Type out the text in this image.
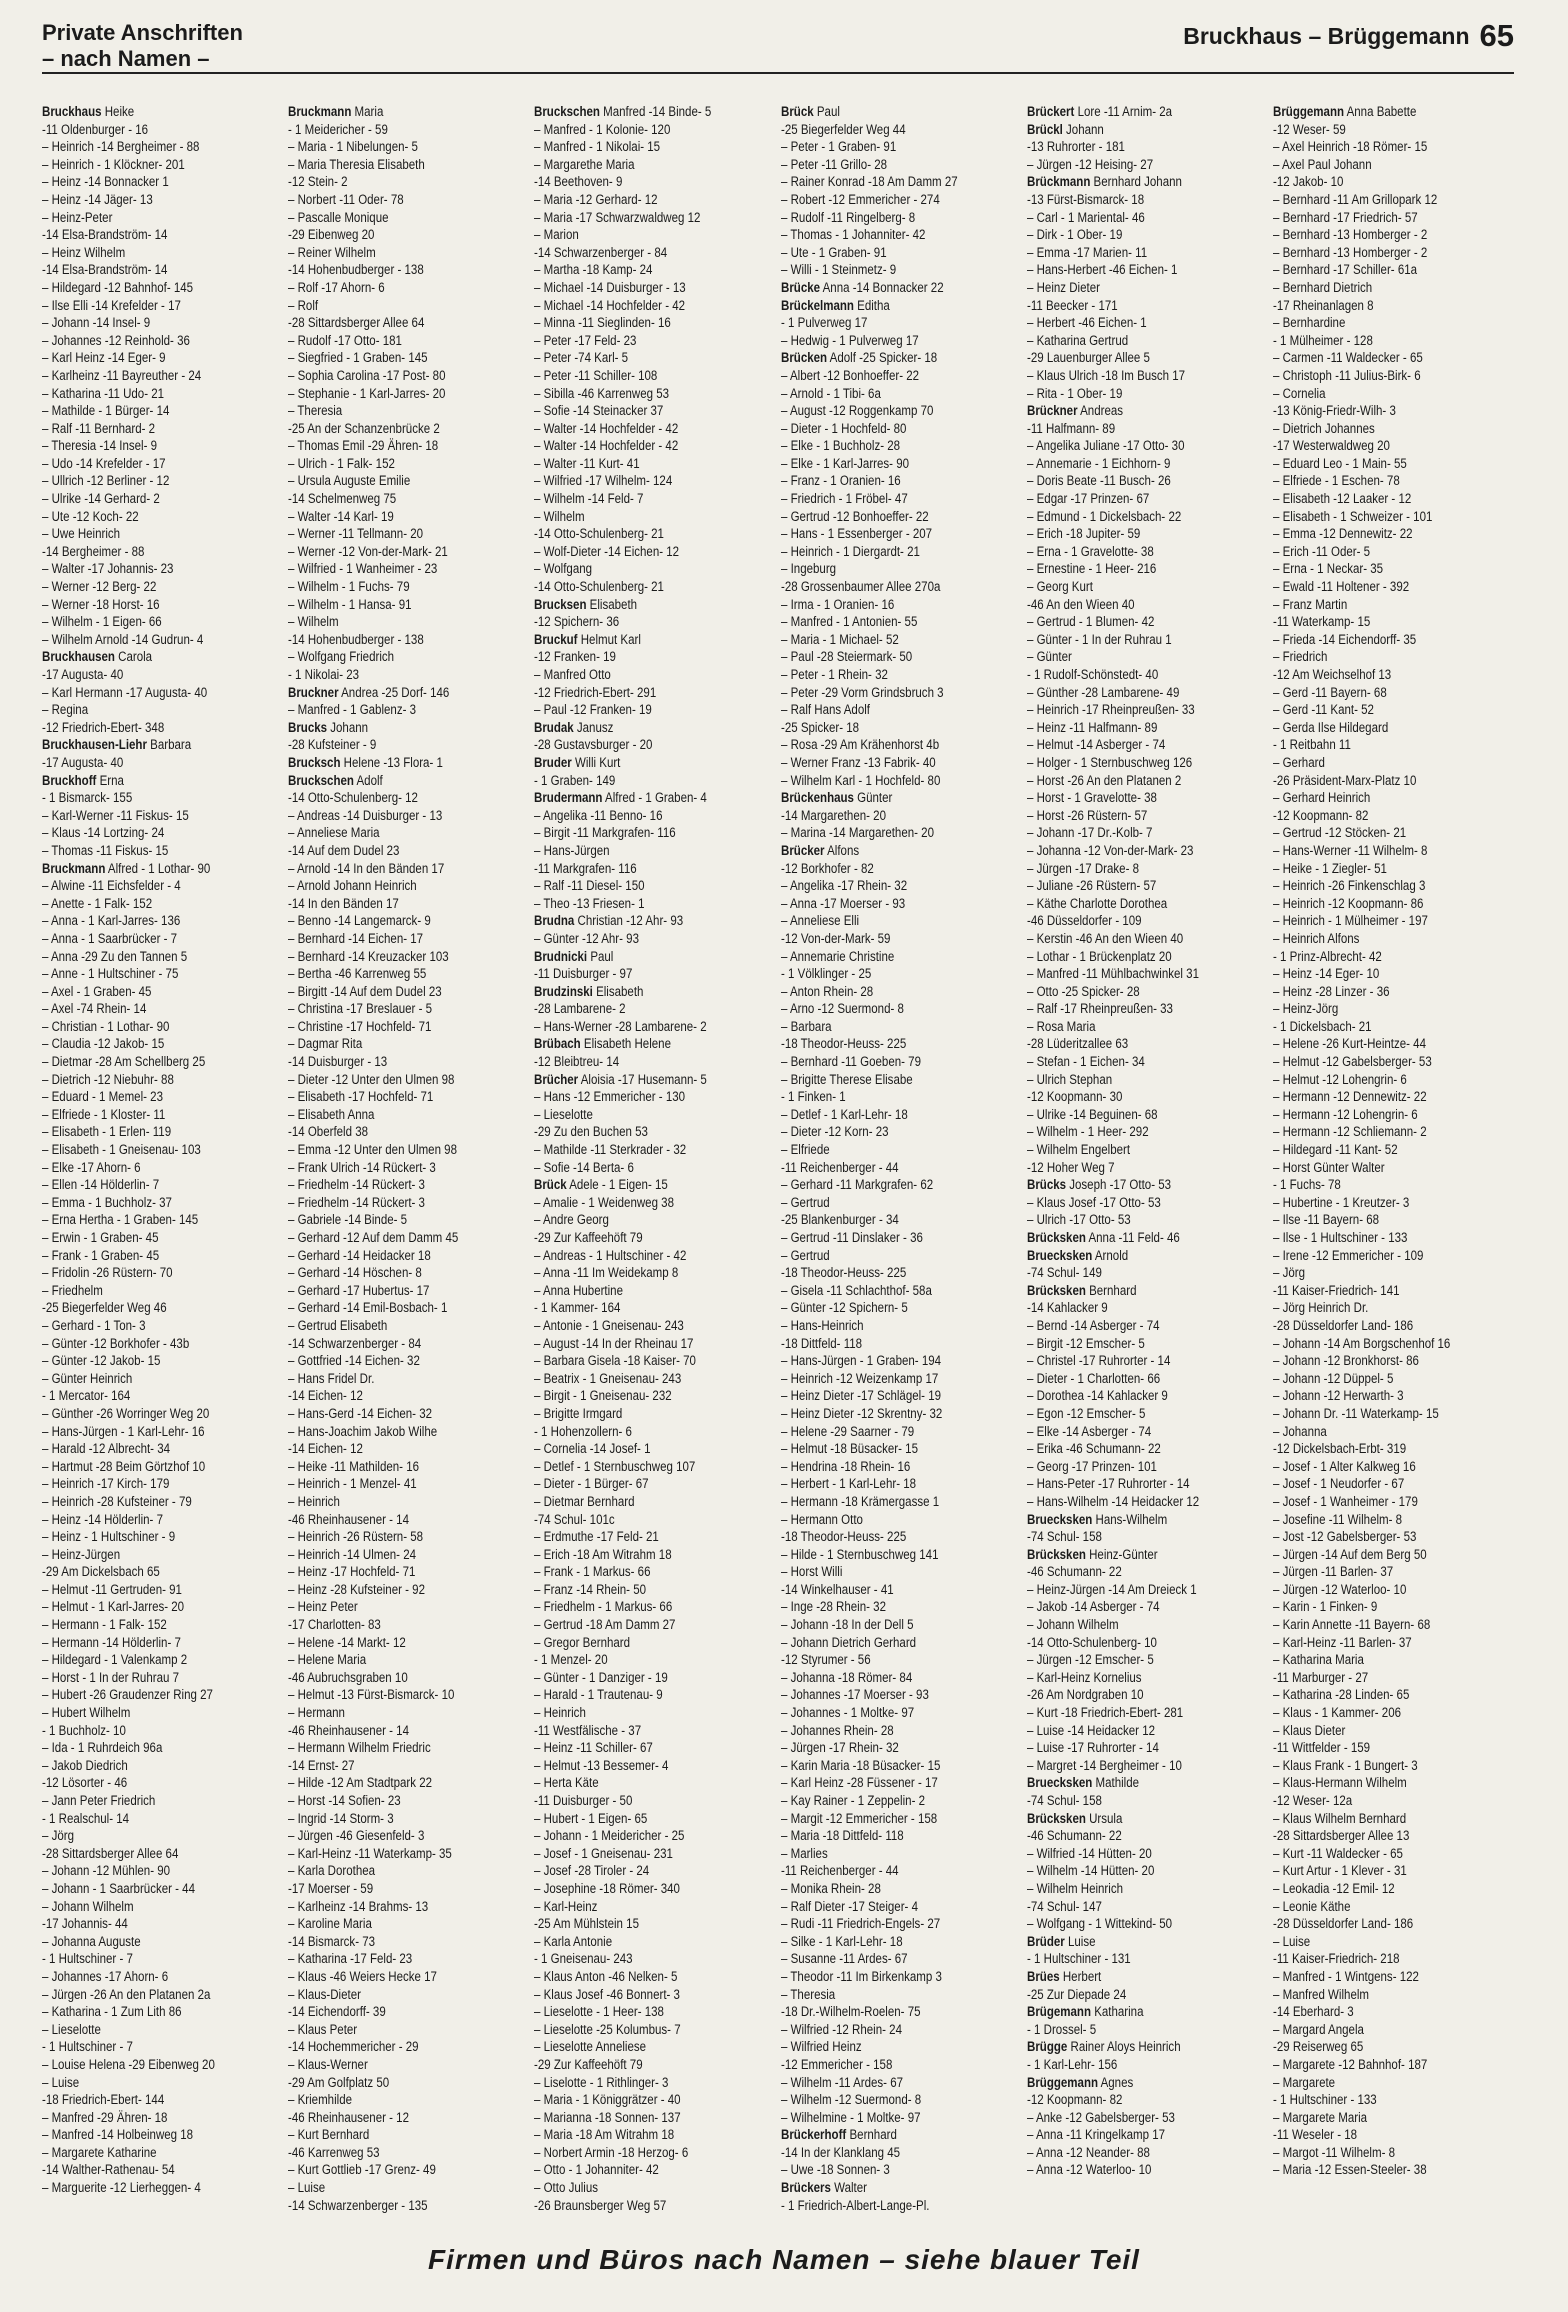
Private Anschriften
– nach Namen –
Bruckhaus – Brüggemann 65
Bruckhaus Heike
-11 Oldenburger - 16
– Heinrich -14 Bergheimer - 88
– Heinrich - 1 Klöckner- 201
– Heinz -14 Bonnacker 1
– Heinz -14 Jäger- 13
– Heinz-Peter
-14 Elsa-Brandström- 14
– Heinz Wilhelm
-14 Elsa-Brandström- 14
– Hildegard -12 Bahnhof- 145
– Ilse Elli -14 Krefelder - 17
– Johann -14 Insel- 9
– Johannes -12 Reinhold- 36
– Karl Heinz -14 Eger- 9
– Karlheinz -11 Bayreuther - 24
– Katharina -11 Udo- 21
– Mathilde - 1 Bürger- 14
– Ralf -11 Bernhard- 2
– Theresia -14 Insel- 9
– Udo -14 Krefelder - 17
– Ullrich -12 Berliner - 12
– Ulrike -14 Gerhard- 2
– Ute -12 Koch- 22
– Uwe Heinrich
-14 Bergheimer - 88
– Walter -17 Johannis- 23
– Werner -12 Berg- 22
– Werner -18 Horst- 16
– Wilhelm - 1 Eigen- 66
– Wilhelm Arnold -14 Gudrun- 4
Bruckhausen Carola
-17 Augusta- 40
– Karl Hermann -17 Augusta- 40
– Regina
-12 Friedrich-Ebert- 348
Bruckhausen-Liehr Barbara
-17 Augusta- 40
Bruckhoff Erna
- 1 Bismarck- 155
– Karl-Werner -11 Fiskus- 15
– Klaus -14 Lortzing- 24
– Thomas -11 Fiskus- 15
Bruckmann Alfred - 1 Lothar- 90
– Alwine -11 Eichsfelder - 4
– Anette - 1 Falk- 152
– Anna - 1 Karl-Jarres- 136
– Anna - 1 Saarbrücker - 7
– Anna -29 Zu den Tannen 5
– Anne - 1 Hultschiner - 75
– Axel - 1 Graben- 45
– Axel -74 Rhein- 14
– Christian - 1 Lothar- 90
– Claudia -12 Jakob- 15
– Dietmar -28 Am Schellberg 25
– Dietrich -12 Niebuhr- 88
– Eduard - 1 Memel- 23
– Elfriede - 1 Kloster- 11
– Elisabeth - 1 Erlen- 119
– Elisabeth - 1 Gneisenau- 103
– Elke -17 Ahorn- 6
– Ellen -14 Hölderlin- 7
– Emma - 1 Buchholz- 37
– Erna Hertha - 1 Graben- 145
– Erwin - 1 Graben- 45
– Frank - 1 Graben- 45
– Fridolin -26 Rüstern- 70
– Friedhelm
-25 Biegerfelder Weg 46
– Gerhard - 1 Ton- 3
– Günter -12 Borkhofer - 43b
– Günter -12 Jakob- 15
– Günter Heinrich
- 1 Mercator- 164
– Günther -26 Worringer Weg 20
– Hans-Jürgen - 1 Karl-Lehr- 16
– Harald -12 Albrecht- 34
– Hartmut -28 Beim Görtzhof 10
– Heinrich -17 Kirch- 179
– Heinrich -28 Kufsteiner - 79
– Heinz -14 Hölderlin- 7
– Heinz - 1 Hultschiner - 9
– Heinz-Jürgen
-29 Am Dickelsbach 65
– Helmut -11 Gertruden- 91
– Helmut - 1 Karl-Jarres- 20
– Hermann - 1 Falk- 152
– Hermann -14 Hölderlin- 7
– Hildegard - 1 Valenkamp 2
– Horst - 1 In der Ruhrau 7
– Hubert -26 Graudenzer Ring 27
– Hubert Wilhelm
- 1 Buchholz- 10
– Ida - 1 Ruhrdeich 96a
– Jakob Diedrich
-12 Lösorter - 46
– Jann Peter Friedrich
- 1 Realschul- 14
– Jörg
-28 Sittardsberger Allee 64
– Johann -12 Mühlen- 90
– Johann - 1 Saarbrücker - 44
– Johann Wilhelm
-17 Johannis- 44
– Johanna Auguste
- 1 Hultschiner - 7
– Johannes -17 Ahorn- 6
– Jürgen -26 An den Platanen 2a
– Katharina - 1 Zum Lith 86
– Lieselotte
- 1 Hultschiner - 7
– Louise Helena -29 Eibenweg 20
– Luise
-18 Friedrich-Ebert- 144
– Manfred -29 Ähren- 18
– Manfred -14 Holbeinweg 18
– Margarete Katharine
-14 Walther-Rathenau- 54
– Marguerite -12 Lierheggen- 4
Bruckmann Maria
- 1 Meidericher - 59
– Maria - 1 Nibelungen- 5
– Maria Theresia Elisabeth
-12 Stein- 2
– Norbert -11 Oder- 78
– Pascalle Monique
-29 Eibenweg 20
– Reiner Wilhelm
-14 Hohenbudberger - 138
– Rolf -17 Ahorn- 6
– Rolf
-28 Sittardsberger Allee 64
– Rudolf -17 Otto- 181
– Siegfried - 1 Graben- 145
– Sophia Carolina -17 Post- 80
– Stephanie - 1 Karl-Jarres- 20
– Theresia
-25 An der Schanzenbrücke 2
– Thomas Emil -29 Ähren- 18
– Ulrich - 1 Falk- 152
– Ursula Auguste Emilie
-14 Schelmenweg 75
– Walter -14 Karl- 19
– Werner -11 Tellmann- 20
– Werner -12 Von-der-Mark- 21
– Wilfried - 1 Wanheimer - 23
– Wilhelm - 1 Fuchs- 79
– Wilhelm - 1 Hansa- 91
– Wilhelm
-14 Hohenbudberger - 138
– Wolfgang Friedrich
- 1 Nikolai- 23
Bruckner Andrea -25 Dorf- 146
– Manfred - 1 Gablenz- 3
Brucks Johann
-28 Kufsteiner - 9
Brucksch Helene -13 Flora- 1
Bruckschen Adolf
-14 Otto-Schulenberg- 12
– Andreas -14 Duisburger - 13
– Anneliese Maria
-14 Auf dem Dudel 23
– Arnold -14 In den Bänden 17
– Arnold Johann Heinrich
-14 In den Bänden 17
– Benno -14 Langemarck- 9
– Bernhard -14 Eichen- 17
– Bernhard -14 Kreuzacker 103
– Bertha -46 Karrenweg 55
– Birgitt -14 Auf dem Dudel 23
– Christina -17 Breslauer - 5
– Christine -17 Hochfeld- 71
– Dagmar Rita
-14 Duisburger - 13
– Dieter -12 Unter den Ulmen 98
– Elisabeth -17 Hochfeld- 71
– Elisabeth Anna
-14 Oberfeld 38
– Emma -12 Unter den Ulmen 98
– Frank Ulrich -14 Rückert- 3
– Friedhelm -14 Rückert- 3
– Friedhelm -14 Rückert- 3
– Gabriele -14 Binde- 5
– Gerhard -12 Auf dem Damm 45
– Gerhard -14 Heidacker 18
– Gerhard -14 Höschen- 8
– Gerhard -17 Hubertus- 17
– Gerhard -14 Emil-Bosbach- 1
– Gertrud Elisabeth
-14 Schwarzenberger - 84
– Gottfried -14 Eichen- 32
– Hans Fridel Dr.
-14 Eichen- 12
– Hans-Gerd -14 Eichen- 32
– Hans-Joachim Jakob Wilhe
-14 Eichen- 12
– Heike -11 Mathilden- 16
– Heinrich - 1 Menzel- 41
– Heinrich
-46 Rheinhausener - 14
– Heinrich -26 Rüstern- 58
– Heinrich -14 Ulmen- 24
– Heinz -17 Hochfeld- 71
– Heinz -28 Kufsteiner - 92
– Heinz Peter
-17 Charlotten- 83
– Helene -14 Markt- 12
– Helene Maria
-46 Aubruchsgraben 10
– Helmut -13 Fürst-Bismarck- 10
– Hermann
-46 Rheinhausener - 14
– Hermann Wilhelm Friedric
-14 Ernst- 27
– Hilde -12 Am Stadtpark 22
– Horst -14 Sofien- 23
– Ingrid -14 Storm- 3
– Jürgen -46 Giesenfeld- 3
– Karl-Heinz -11 Waterkamp- 35
– Karla Dorothea
-17 Moerser - 59
– Karlheinz -14 Brahms- 13
– Karoline Maria
-14 Bismarck- 73
– Katharina -17 Feld- 23
– Klaus -46 Weiers Hecke 17
– Klaus-Dieter
-14 Eichendorff- 39
– Klaus Peter
-14 Hochemmericher - 29
– Klaus-Werner
-29 Am Golfplatz 50
– Kriemhilde
-46 Rheinhausener - 12
– Kurt Bernhard
-46 Karrenweg 53
– Kurt Gottlieb -17 Grenz- 49
– Luise
-14 Schwarzenberger - 135
Bruckschen Manfred -14 Binde- 5
– Manfred - 1 Kolonie- 120
– Manfred - 1 Nikolai- 15
– Margarethe Maria
-14 Beethoven- 9
– Maria -12 Gerhard- 12
– Maria -17 Schwarzwaldweg 12
– Marion
-14 Schwarzenberger - 84
– Martha -18 Kamp- 24
– Michael -14 Duisburger - 13
– Michael -14 Hochfelder - 42
– Minna -11 Sieglinden- 16
– Peter -17 Feld- 23
– Peter -74 Karl- 5
– Peter -11 Schiller- 108
– Sibilla -46 Karrenweg 53
– Sofie -14 Steinacker 37
– Walter -14 Hochfelder - 42
– Walter -14 Hochfelder - 42
– Walter -11 Kurt- 41
– Wilfried -17 Wilhelm- 124
– Wilhelm -14 Feld- 7
– Wilhelm
-14 Otto-Schulenberg- 21
– Wolf-Dieter -14 Eichen- 12
– Wolfgang
-14 Otto-Schulenberg- 21
Brucksen Elisabeth
-12 Spichern- 36
Bruckuf Helmut Karl
-12 Franken- 19
– Manfred Otto
-12 Friedrich-Ebert- 291
– Paul -12 Franken- 19
Brudak Janusz
-28 Gustavsburger - 20
Bruder Willi Kurt
- 1 Graben- 149
Brudermann Alfred - 1 Graben- 4
– Angelika -11 Benno- 16
– Birgit -11 Markgrafen- 116
– Hans-Jürgen
-11 Markgrafen- 116
– Ralf -11 Diesel- 150
– Theo -13 Friesen- 1
Brudna Christian -12 Ahr- 93
– Günter -12 Ahr- 93
Brudnicki Paul
-11 Duisburger - 97
Brudzinski Elisabeth
-28 Lambarene- 2
– Hans-Werner -28 Lambarene- 2
Brübach Elisabeth Helene
-12 Bleibtreu- 14
Brücher Aloisia -17 Husemann- 5
– Hans -12 Emmericher - 130
– Lieselotte
-29 Zu den Buchen 53
– Mathilde -11 Sterkrader - 32
– Sofie -14 Berta- 6
Brück Adele - 1 Eigen- 15
– Amalie - 1 Weidenweg 38
– Andre Georg
-29 Zur Kaffeehöft 79
– Andreas - 1 Hultschiner - 42
– Anna -11 Im Weidekamp 8
– Anna Hubertine
- 1 Kammer- 164
– Antonie - 1 Gneisenau- 243
– August -14 In der Rheinau 17
– Barbara Gisela -18 Kaiser- 70
– Beatrix - 1 Gneisenau- 243
– Birgit - 1 Gneisenau- 232
– Brigitte Irmgard
- 1 Hohenzollern- 6
– Cornelia -14 Josef- 1
– Detlef - 1 Sternbuschweg 107
– Dieter - 1 Bürger- 67
– Dietmar Bernhard
-74 Schul- 101c
– Erdmuthe -17 Feld- 21
– Erich -18 Am Witrahm 18
– Frank - 1 Markus- 66
– Franz -14 Rhein- 50
– Friedhelm - 1 Markus- 66
– Gertrud -18 Am Damm 27
– Gregor Bernhard
- 1 Menzel- 20
– Günter - 1 Danziger - 19
– Harald - 1 Trautenau- 9
– Heinrich
-11 Westfälische - 37
– Heinz -11 Schiller- 67
– Helmut -13 Bessemer- 4
– Herta Käte
-11 Duisburger - 50
– Hubert - 1 Eigen- 65
– Johann - 1 Meidericher - 25
– Josef - 1 Gneisenau- 231
– Josef -28 Tiroler - 24
– Josephine -18 Römer- 340
– Karl-Heinz
-25 Am Mühlstein 15
– Karla Antonie
- 1 Gneisenau- 243
– Klaus Anton -46 Nelken- 5
– Klaus Josef -46 Bonnert- 3
– Lieselotte - 1 Heer- 138
– Lieselotte -25 Kolumbus- 7
– Lieselotte Anneliese
-29 Zur Kaffeehöft 79
– Liselotte - 1 Rithlinger- 3
– Maria - 1 Königgrätzer - 40
– Marianna -18 Sonnen- 137
– Maria -18 Am Witrahm 18
– Norbert Armin -18 Herzog- 6
– Otto - 1 Johanniter- 42
– Otto Julius
-26 Braunsberger Weg 57
Brück Paul
-25 Biegerfelder Weg 44
– Peter - 1 Graben- 91
– Peter -11 Grillo- 28
– Rainer Konrad -18 Am Damm 27
– Robert -12 Emmericher - 274
– Rudolf -11 Ringelberg- 8
– Thomas - 1 Johanniter- 42
– Ute - 1 Graben- 91
– Willi - 1 Steinmetz- 9
Brücke Anna -14 Bonnacker 22
Brückelmann Editha
- 1 Pulverweg 17
– Hedwig - 1 Pulverweg 17
Brücken Adolf -25 Spicker- 18
– Albert -12 Bonhoeffer- 22
– Arnold - 1 Tibi- 6a
– August -12 Roggenkamp 70
– Dieter - 1 Hochfeld- 80
– Elke - 1 Buchholz- 28
– Elke - 1 Karl-Jarres- 90
– Franz - 1 Oranien- 16
– Friedrich - 1 Fröbel- 47
– Gertrud -12 Bonhoeffer- 22
– Hans - 1 Essenberger - 207
– Heinrich - 1 Diergardt- 21
– Ingeburg
-28 Grossenbaumer Allee 270a
– Irma - 1 Oranien- 16
– Manfred - 1 Antonien- 55
– Maria - 1 Michael- 52
– Paul -28 Steiermark- 50
– Peter - 1 Rhein- 32
– Peter -29 Vorm Grindsbruch 3
– Ralf Hans Adolf
-25 Spicker- 18
– Rosa -29 Am Krähenhorst 4b
– Werner Franz -13 Fabrik- 40
– Wilhelm Karl - 1 Hochfeld- 80
Brückenhaus Günter
-14 Margarethen- 20
– Marina -14 Margarethen- 20
Brücker Alfons
-12 Borkhofer - 82
– Angelika -17 Rhein- 32
– Anna -17 Moerser - 93
– Anneliese Elli
-12 Von-der-Mark- 59
– Annemarie Christine
- 1 Völklinger - 25
– Anton Rhein- 28
– Arno -12 Suermond- 8
– Barbara
-18 Theodor-Heuss- 225
– Bernhard -11 Goeben- 79
– Brigitte Therese Elisabe
- 1 Finken- 1
– Detlef - 1 Karl-Lehr- 18
– Dieter -12 Korn- 23
– Elfriede
-11 Reichenberger - 44
– Gerhard -11 Markgrafen- 62
– Gertrud
-25 Blankenburger - 34
– Gertrud -11 Dinslaker - 36
– Gertrud
-18 Theodor-Heuss- 225
– Gisela -11 Schlachthof- 58a
– Günter -12 Spichern- 5
– Hans-Heinrich
-18 Dittfeld- 118
– Hans-Jürgen - 1 Graben- 194
– Heinrich -12 Weizenkamp 17
– Heinz Dieter -17 Schlägel- 19
– Heinz Dieter -12 Skrentny- 32
– Helene -29 Saarner - 79
– Helmut -18 Büsacker- 15
– Hendrina -18 Rhein- 16
– Herbert - 1 Karl-Lehr- 18
– Hermann -18 Krämergasse 1
– Hermann Otto
-18 Theodor-Heuss- 225
– Hilde - 1 Sternbuschweg 141
– Horst Willi
-14 Winkelhauser - 41
– Inge -28 Rhein- 32
– Johann -18 In der Dell 5
– Johann Dietrich Gerhard
-12 Styrumer - 56
– Johanna -18 Römer- 84
– Johannes -17 Moerser - 93
– Johannes - 1 Moltke- 97
– Johannes Rhein- 28
– Jürgen -17 Rhein- 32
– Karin Maria -18 Büsacker- 15
– Karl Heinz -28 Füssener - 17
– Kay Rainer - 1 Zeppelin- 2
– Margit -12 Emmericher - 158
– Maria -18 Dittfeld- 118
– Marlies
-11 Reichenberger - 44
– Monika Rhein- 28
– Ralf Dieter -17 Steiger- 4
– Rudi -11 Friedrich-Engels- 27
– Silke - 1 Karl-Lehr- 18
– Susanne -11 Ardes- 67
– Theodor -11 Im Birkenkamp 3
– Theresia
-18 Dr.-Wilhelm-Roelen- 75
– Wilfried -12 Rhein- 24
– Wilfried Heinz
-12 Emmericher - 158
– Wilhelm -11 Ardes- 67
– Wilhelm -12 Suermond- 8
– Wilhelmine - 1 Moltke- 97
Brückerhoff Bernhard
-14 In der Klanklang 45
– Uwe -18 Sonnen- 3
Brückers Walter
- 1 Friedrich-Albert-Lange-Pl.
Brückert Lore -11 Arnim- 2a
Brückl Johann
-13 Ruhrorter - 181
– Jürgen -12 Heising- 27
Brückmann Bernhard Johann
-13 Fürst-Bismarck- 18
– Carl - 1 Mariental- 46
– Dirk - 1 Ober- 19
– Emma -17 Marien- 11
– Hans-Herbert -46 Eichen- 1
– Heinz Dieter
-11 Beecker - 171
– Herbert -46 Eichen- 1
– Katharina Gertrud
-29 Lauenburger Allee 5
– Klaus Ulrich -18 Im Busch 17
– Rita - 1 Ober- 19
Brückner Andreas
-11 Halfmann- 89
– Angelika Juliane -17 Otto- 30
– Annemarie - 1 Eichhorn- 9
– Doris Beate -11 Busch- 26
– Edgar -17 Prinzen- 67
– Edmund - 1 Dickelsbach- 22
– Erich -18 Jupiter- 59
– Erna - 1 Gravelotte- 38
– Ernestine - 1 Heer- 216
– Georg Kurt
-46 An den Wieen 40
– Gertrud - 1 Blumen- 42
– Günter - 1 In der Ruhrau 1
– Günter
- 1 Rudolf-Schönstedt- 40
– Günther -28 Lambarene- 49
– Heinrich -17 Rheinpreußen- 33
– Heinz -11 Halfmann- 89
– Helmut -14 Asberger - 74
– Holger - 1 Sternbuschweg 126
– Horst -26 An den Platanen 2
– Horst - 1 Gravelotte- 38
– Horst -26 Rüstern- 57
– Johann -17 Dr.-Kolb- 7
– Johanna -12 Von-der-Mark- 23
– Jürgen -17 Drake- 8
– Juliane -26 Rüstern- 57
– Käthe Charlotte Dorothea
-46 Düsseldorfer - 109
– Kerstin -46 An den Wieen 40
– Lothar - 1 Brückenplatz 20
– Manfred -11 Mühlbachwinkel 31
– Otto -25 Spicker- 28
– Ralf -17 Rheinpreußen- 33
– Rosa Maria
-28 Lüderitzallee 63
– Stefan - 1 Eichen- 34
– Ulrich Stephan
-12 Koopmann- 30
– Ulrike -14 Beguinen- 68
– Wilhelm - 1 Heer- 292
– Wilhelm Engelbert
-12 Hoher Weg 7
Brücks Joseph -17 Otto- 53
– Klaus Josef -17 Otto- 53
– Ulrich -17 Otto- 53
Brücksken Anna -11 Feld- 46
Bruecksken Arnold
-74 Schul- 149
Brücksken Bernhard
-14 Kahlacker 9
– Bernd -14 Asberger - 74
– Birgit -12 Emscher- 5
– Christel -17 Ruhrorter - 14
– Dieter - 1 Charlotten- 66
– Dorothea -14 Kahlacker 9
– Egon -12 Emscher- 5
– Elke -14 Asberger - 74
– Erika -46 Schumann- 22
– Georg -17 Prinzen- 101
– Hans-Peter -17 Ruhrorter - 14
– Hans-Wilhelm -14 Heidacker 12
Bruecksken Hans-Wilhelm
-74 Schul- 158
Brücksken Heinz-Günter
-46 Schumann- 22
– Heinz-Jürgen -14 Am Dreieck 1
– Jakob -14 Asberger - 74
– Johann Wilhelm
-14 Otto-Schulenberg- 10
– Jürgen -12 Emscher- 5
– Karl-Heinz Kornelius
-26 Am Nordgraben 10
– Kurt -18 Friedrich-Ebert- 281
– Luise -14 Heidacker 12
– Luise -17 Ruhrorter - 14
– Margret -14 Bergheimer - 10
Bruecksken Mathilde
-74 Schul- 158
Brücksken Ursula
-46 Schumann- 22
– Wilfried -14 Hütten- 20
– Wilhelm -14 Hütten- 20
– Wilhelm Heinrich
-74 Schul- 147
– Wolfgang - 1 Wittekind- 50
Brüder Luise
- 1 Hultschiner - 131
Brües Herbert
-25 Zur Diepade 24
Brügemann Katharina
- 1 Drossel- 5
Brügge Rainer Aloys Heinrich
- 1 Karl-Lehr- 156
Brüggemann Agnes
-12 Koopmann- 82
– Anke -12 Gabelsberger- 53
– Anna -11 Kringelkamp 17
– Anna -12 Neander- 88
– Anna -12 Waterloo- 10
Brüggemann Anna Babette
-12 Weser- 59
– Axel Heinrich -18 Römer- 15
– Axel Paul Johann
-12 Jakob- 10
– Bernhard -11 Am Grillopark 12
– Bernhard -17 Friedrich- 57
– Bernhard -13 Homberger - 2
– Bernhard -13 Homberger - 2
– Bernhard -17 Schiller- 61a
– Bernhard Dietrich
-17 Rheinanlagen 8
– Bernhardine
- 1 Mülheimer - 128
– Carmen -11 Waldecker - 65
– Christoph -11 Julius-Birk- 6
– Cornelia
-13 König-Friedr-Wilh- 3
– Dietrich Johannes
-17 Westerwaldweg 20
– Eduard Leo - 1 Main- 55
– Elfriede - 1 Eschen- 78
– Elisabeth -12 Laaker - 12
– Elisabeth - 1 Schweizer - 101
– Emma -12 Dennewitz- 22
– Erich -11 Oder- 5
– Erna - 1 Neckar- 35
– Ewald -11 Holtener - 392
– Franz Martin
-11 Waterkamp- 15
– Frieda -14 Eichendorff- 35
– Friedrich
-12 Am Weichselhof 13
– Gerd -11 Bayern- 68
– Gerd -11 Kant- 52
– Gerda Ilse Hildegard
- 1 Reitbahn 11
– Gerhard
-26 Präsident-Marx-Platz 10
– Gerhard Heinrich
-12 Koopmann- 82
– Gertrud -12 Stöcken- 21
– Hans-Werner -11 Wilhelm- 8
– Heike - 1 Ziegler- 51
– Heinrich -26 Finkenschlag 3
– Heinrich -12 Koopmann- 86
– Heinrich - 1 Mülheimer - 197
– Heinrich Alfons
- 1 Prinz-Albrecht- 42
– Heinz -14 Eger- 10
– Heinz -28 Linzer - 36
– Heinz-Jörg
- 1 Dickelsbach- 21
– Helene -26 Kurt-Heintze- 44
– Helmut -12 Gabelsberger- 53
– Helmut -12 Lohengrin- 6
– Hermann -12 Dennewitz- 22
– Hermann -12 Lohengrin- 6
– Hermann -12 Schliemann- 2
– Hildegard -11 Kant- 52
– Horst Günter Walter
- 1 Fuchs- 78
– Hubertine - 1 Kreutzer- 3
– Ilse -11 Bayern- 68
– Ilse - 1 Hultschiner - 133
– Irene -12 Emmericher - 109
– Jörg
-11 Kaiser-Friedrich- 141
– Jörg Heinrich Dr.
-28 Düsseldorfer Land- 186
– Johann -14 Am Borgschenhof 16
– Johann -12 Bronkhorst- 86
– Johann -12 Düppel- 5
– Johann -12 Herwarth- 3
– Johann Dr. -11 Waterkamp- 15
– Johanna
-12 Dickelsbach-Erbt- 319
– Josef - 1 Alter Kalkweg 16
– Josef - 1 Neudorfer - 67
– Josef - 1 Wanheimer - 179
– Josefine -11 Wilhelm- 8
– Jost -12 Gabelsberger- 53
– Jürgen -14 Auf dem Berg 50
– Jürgen -11 Barlen- 37
– Jürgen -12 Waterloo- 10
– Karin - 1 Finken- 9
– Karin Annette -11 Bayern- 68
– Karl-Heinz -11 Barlen- 37
– Katharina Maria
-11 Marburger - 27
– Katharina -28 Linden- 65
– Klaus - 1 Kammer- 206
– Klaus Dieter
-11 Wittfelder - 159
– Klaus Frank - 1 Bungert- 3
– Klaus-Hermann Wilhelm
-12 Weser- 12a
– Klaus Wilhelm Bernhard
-28 Sittardsberger Allee 13
– Kurt -11 Waldecker - 65
– Kurt Artur - 1 Klever - 31
– Leokadia -12 Emil- 12
– Leonie Käthe
-28 Düsseldorfer Land- 186
– Luise
-11 Kaiser-Friedrich- 218
– Manfred - 1 Wintgens- 122
– Manfred Wilhelm
-14 Eberhard- 3
– Margard Angela
-29 Reiserweg 65
– Margarete -12 Bahnhof- 187
– Margarete
- 1 Hultschiner - 133
– Margarete Maria
-11 Weseler - 18
– Margot -11 Wilhelm- 8
– Maria -12 Essen-Steeler- 38
Firmen und Büros nach Namen – siehe blauer Teil
